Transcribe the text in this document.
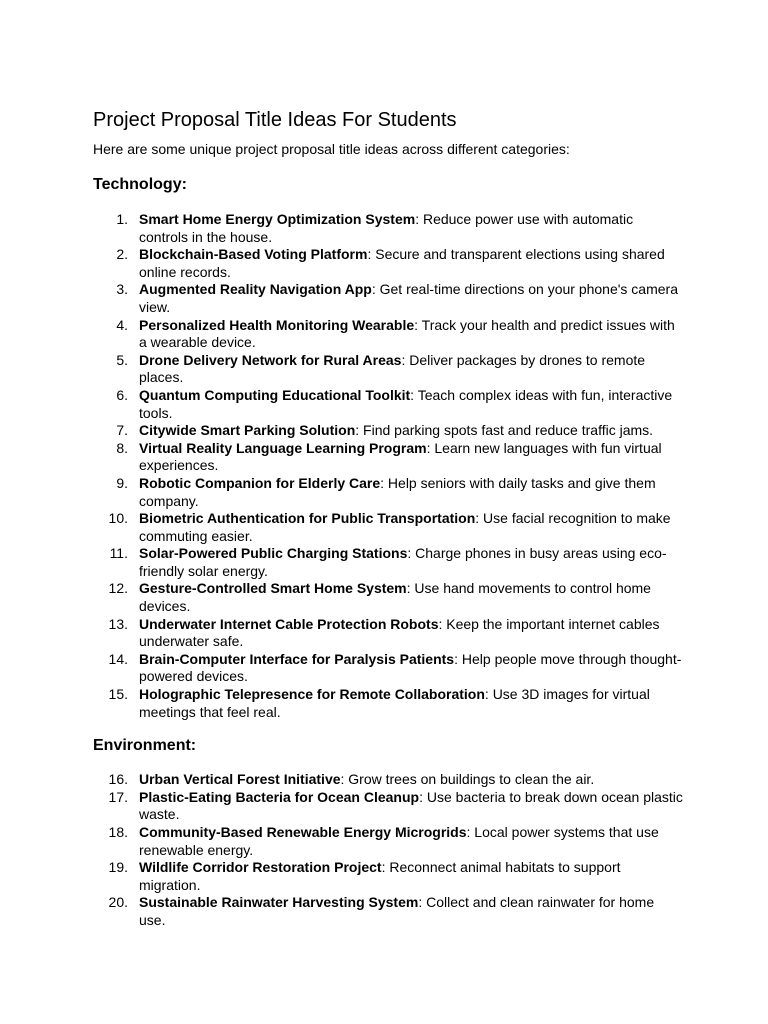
Project Proposal Title Ideas For Students

Here are some unique project proposal title ideas across different categories:

Technology:
1. Smart Home Energy Optimization System: Reduce power use with automatic controls in the house.
2. Blockchain-Based Voting Platform: Secure and transparent elections using shared online records.
3. Augmented Reality Navigation App: Get real-time directions on your phone's camera view.
4. Personalized Health Monitoring Wearable: Track your health and predict issues with a wearable device.
5. Drone Delivery Network for Rural Areas: Deliver packages by drones to remote places.
6. Quantum Computing Educational Toolkit: Teach complex ideas with fun, interactive tools.
7. Citywide Smart Parking Solution: Find parking spots fast and reduce traffic jams.
8. Virtual Reality Language Learning Program: Learn new languages with fun virtual experiences.
9. Robotic Companion for Elderly Care: Help seniors with daily tasks and give them company.
10. Biometric Authentication for Public Transportation: Use facial recognition to make commuting easier.
11. Solar-Powered Public Charging Stations: Charge phones in busy areas using eco-friendly solar energy.
12. Gesture-Controlled Smart Home System: Use hand movements to control home devices.
13. Underwater Internet Cable Protection Robots: Keep the important internet cables underwater safe.
14. Brain-Computer Interface for Paralysis Patients: Help people move through thought-powered devices.
15. Holographic Telepresence for Remote Collaboration: Use 3D images for virtual meetings that feel real.
Environment:
16. Urban Vertical Forest Initiative: Grow trees on buildings to clean the air.
17. Plastic-Eating Bacteria for Ocean Cleanup: Use bacteria to break down ocean plastic waste.
18. Community-Based Renewable Energy Microgrids: Local power systems that use renewable energy.
19. Wildlife Corridor Restoration Project: Reconnect animal habitats to support migration.
20. Sustainable Rainwater Harvesting System: Collect and clean rainwater for home use.
